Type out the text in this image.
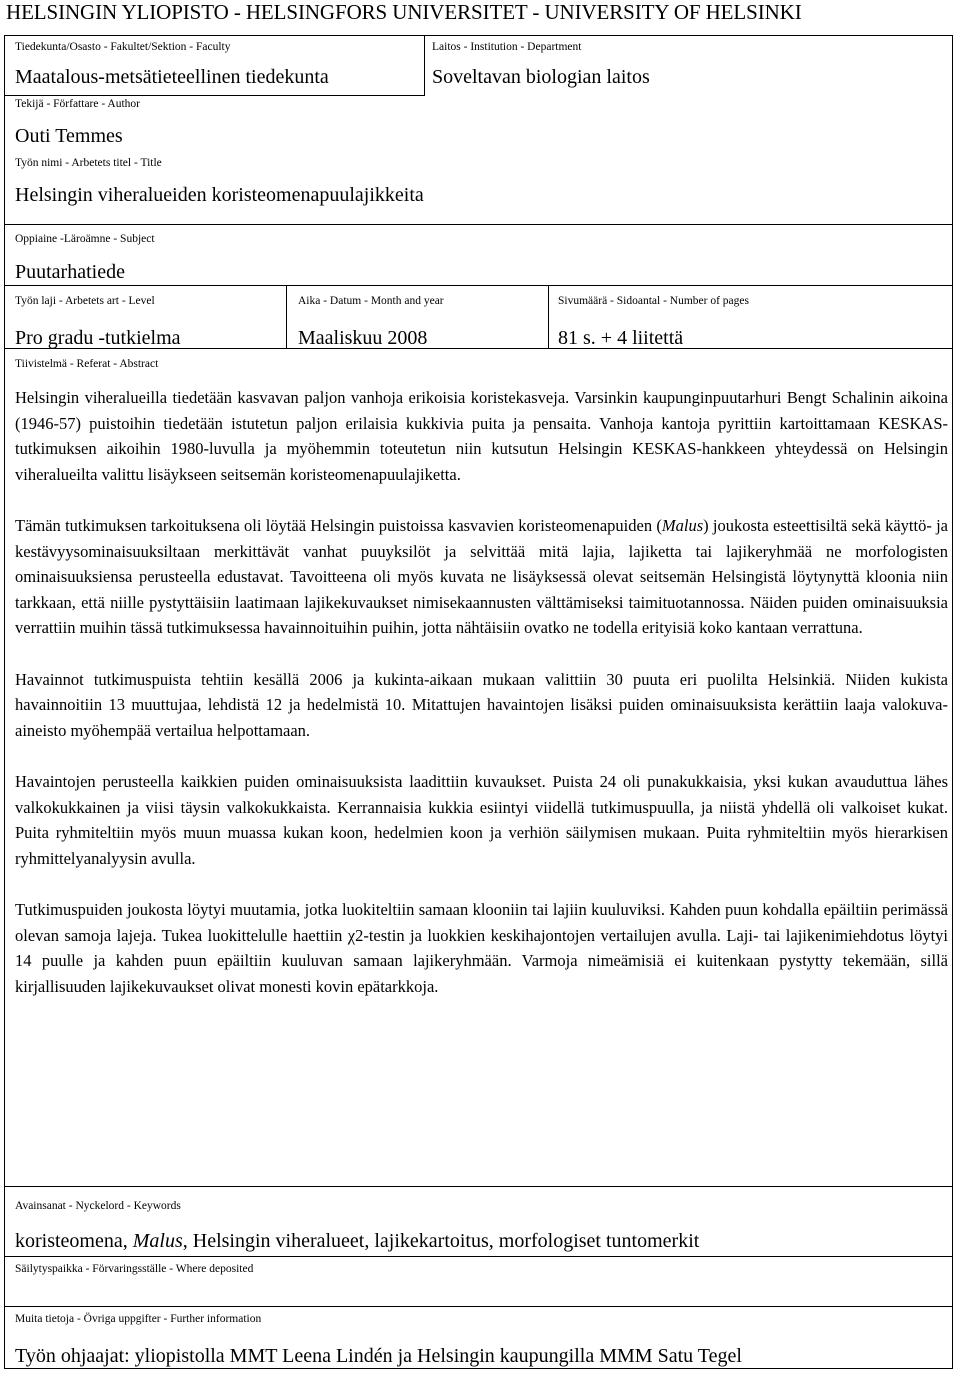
HELSINGIN YLIOPISTO - HELSINGFORS UNIVERSITET - UNIVERSITY OF HELSINKI
Tiedekunta/Osasto - Fakultet/Sektion - Faculty
Maatalous-metsätieteellinen tiedekunta
Laitos - Institution - Department
Soveltavan biologian laitos
Tekijä - Författare - Author
Outi Temmes
Työn nimi - Arbetets titel - Title
Helsingin viheralueiden koristeomenapuulajikkeita
Oppiaine -Läroämne - Subject
Puutarhatiede
Työn laji - Arbetets art - Level
Pro gradu -tutkielma
Aika - Datum - Month and year
Maaliskuu 2008
Sivumäärä - Sidoantal - Number of pages
81 s. + 4 liitettä
Tiivistelmä - Referat - Abstract

Helsingin viheralueilla tiedetään kasvavan paljon vanhoja erikoisia koristekasveja. Varsinkin kaupunginpuutarhuri Bengt Schalinin aikoina (1946-57) puistoihin tiedetään istutetun paljon erilaisia kukkivia puita ja pensaita. Vanhoja kantoja pyrittiin kartoittamaan KESKAS-tutkimuksen aikoihin 1980-luvulla ja myöhemmin toteutetun niin kutsutun Helsingin KESKAS-hankkeen yhteydessä on Helsingin viheralueilta valittu lisäykseen seitsemän koristeomenapuulajiketta.

Tämän tutkimuksen tarkoituksena oli löytää Helsingin puistoissa kasvavien koristeomenapuiden (Malus) joukosta esteettisiltä sekä käyttö- ja kestävyysominaisuuksiltaan merkittävät vanhat puuyksilöt ja selvittää mitä lajia, lajiketta tai lajikeryhmää ne morfologisten ominaisuuksiensa perusteella edustavat. Tavoitteena oli myös kuvata ne lisäyksessä olevat seitsemän Helsingistä löytynyttä kloonia niin tarkkaan, että niille pystyttäisiin laatimaan lajikekuvaukset nimisekaannusten välttämiseksi taimituotannossa. Näiden puiden ominaisuuksia verrattiin muihin tässä tutkimuksessa havainnoituihin puihin, jotta nähtäisiin ovatko ne todella erityisiä koko kantaan verrattuna.

Havainnot tutkimuspuista tehtiin kesällä 2006 ja kukinta-aikaan mukaan valittiin 30 puuta eri puolilta Helsinkiä. Niiden kukista havainnoitiin 13 muuttujaa, lehdistä 12 ja hedelmistä 10. Mitattujen havaintojen lisäksi puiden ominaisuuksista kerättiin laaja valokuva-aineisto myöhempää vertailua helpottamaan.

Havaintojen perusteella kaikkien puiden ominaisuuksista laadittiin kuvaukset. Puista 24 oli punakukkaisia, yksi kukan avauduttua lähes valkokukkainen ja viisi täysin valkokukkaista. Kerrannaisia kukkia esiintyi viidellä tutkimuspuulla, ja niistä yhdellä oli valkoiset kukat. Puita ryhmiteltiin myös muun muassa kukan koon, hedelmien koon ja verhiön säilymisen mukaan. Puita ryhmiteltiin myös hierarkisen ryhmittelyanalyysin avulla.

Tutkimuspuiden joukosta löytyi muutamia, jotka luokiteltiin samaan klooniin tai lajiin kuuluviksi. Kahden puun kohdalla epäiltiin perimässä olevan samoja lajeja. Tukea luokittelulle haettiin χ2-testin ja luokkien keskihajontojen vertailujen avulla. Laji- tai lajikenimiehdotus löytyi 14 puulle ja kahden puun epäiltiin kuuluvan samaan lajikeryhmään. Varmoja nimeämisiä ei kuitenkaan pystytty tekemään, sillä kirjallisuuden lajikekuvaukset olivat monesti kovin epätarkkoja.

Avainsanat - Nyckelord - Keywords
koristeomena, Malus, Helsingin viheralueet, lajikekartoitus, morfologiset tuntomerkit
Säilytyspaikka - Förvaringsställe - Where deposited
Muita tietoja - Övriga uppgifter - Further information
Työn ohjaajat: yliopistolla MMT Leena Lindén ja Helsingin kaupungilla MMM Satu Tegel
